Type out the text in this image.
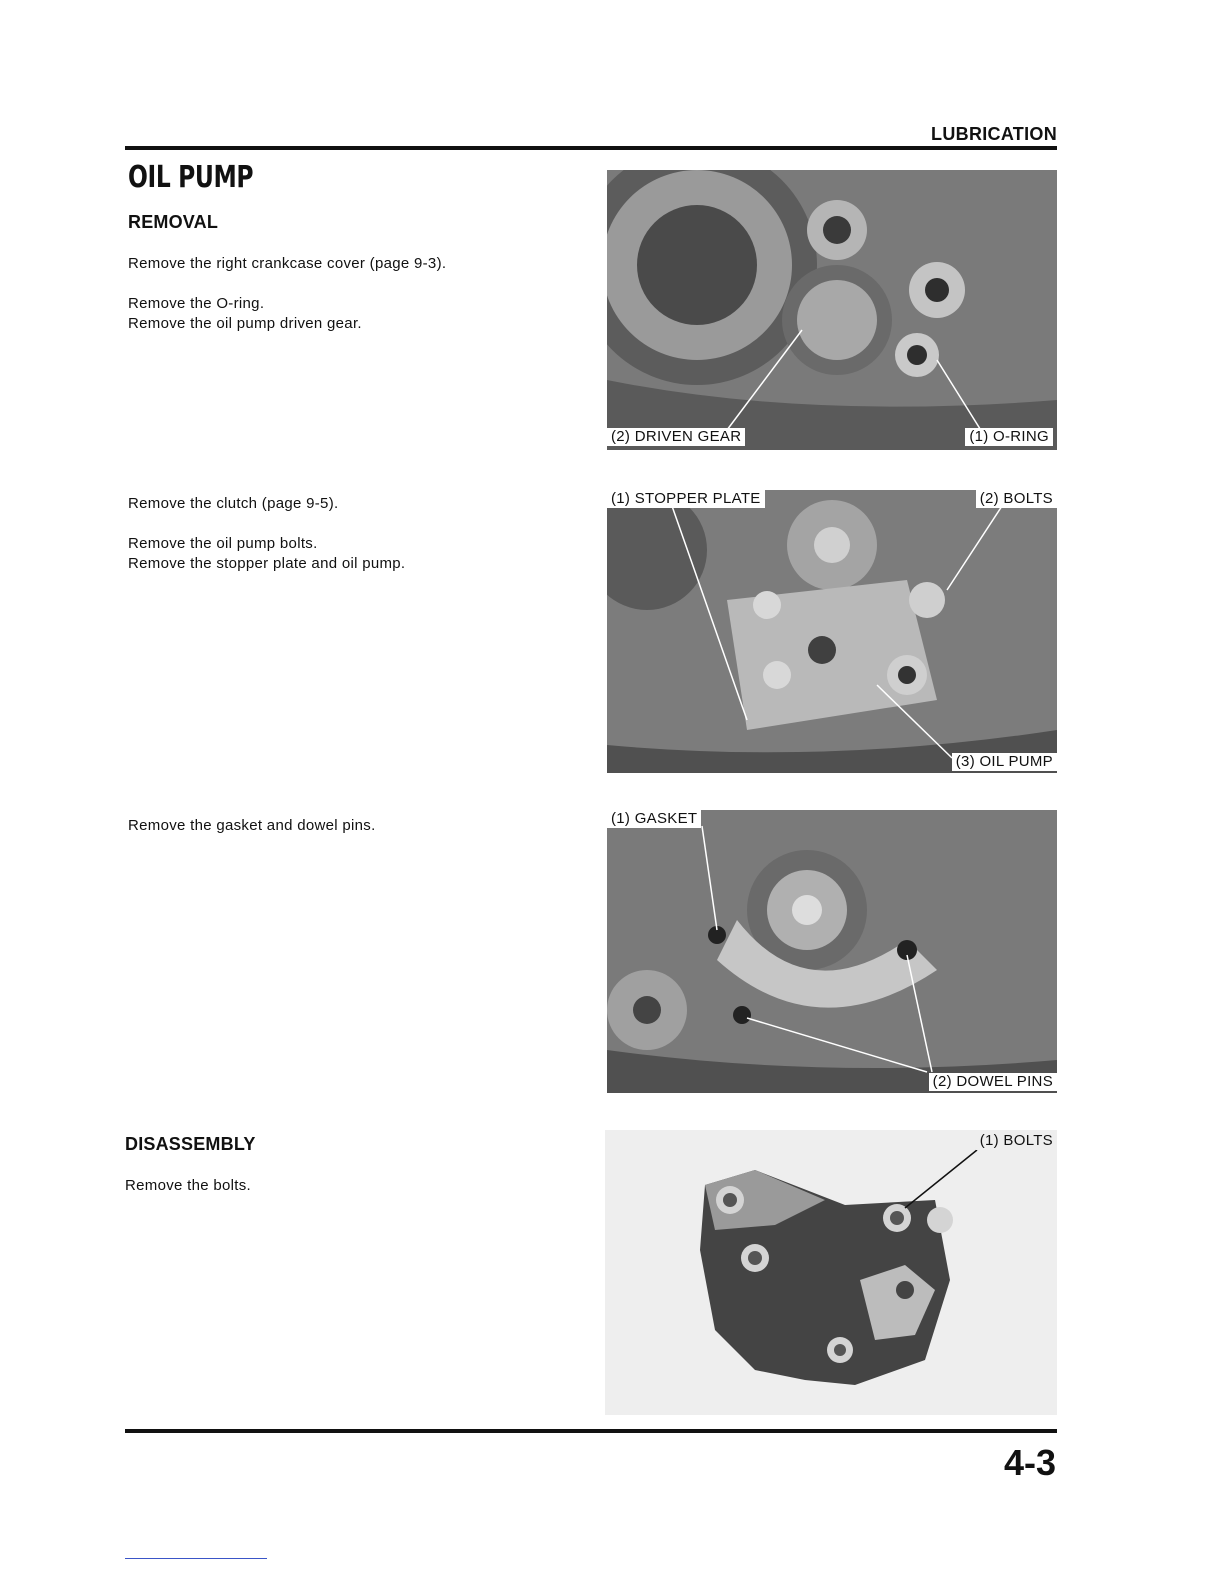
LUBRICATION
OIL PUMP
REMOVAL

Remove the right crankcase cover (page 9-3).

Remove the O-ring.
Remove the oil pump driven gear.

Remove the clutch (page 9-5).

Remove the oil pump bolts.
Remove the stopper plate and oil pump.
Remove the gasket and dowel pins.
DISASSEMBLY
Remove the bolts.
(2) DRIVEN GEAR	(1) O-RING
(1) STOPPER PLATE	(2) BOLTS
(3) OIL PUMP
(1) GASKET
(2) DOWEL PINS
(1) BOLTS
4-3
